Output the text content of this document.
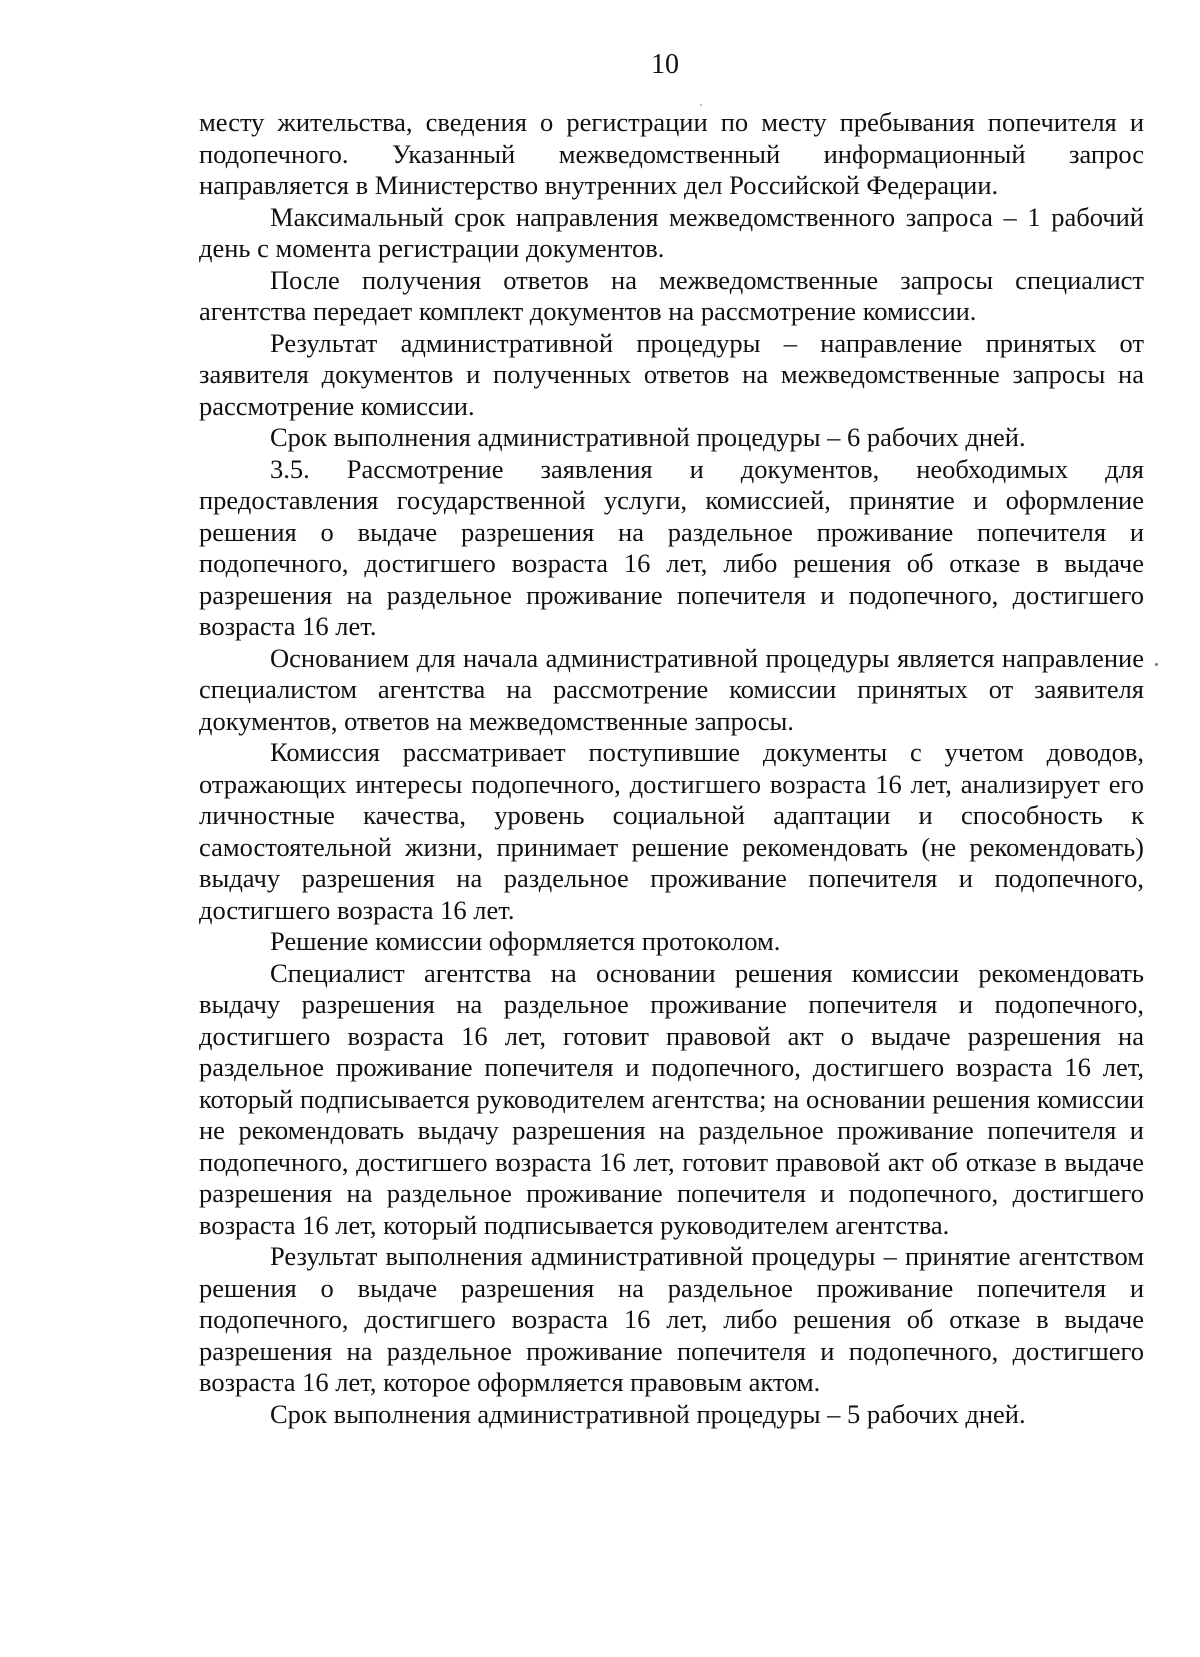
10

месту жительства, сведения о регистрации по месту пребывания попечителя и подопечного. Указанный межведомственный информационный запрос направляется в Министерство внутренних дел Российской Федерации.

Максимальный срок направления межведомственного запроса – 1 рабочий день с момента регистрации документов.

После получения ответов на межведомственные запросы специалист агентства передает комплект документов на рассмотрение комиссии.

Результат административной процедуры – направление принятых от заявителя документов и полученных ответов на межведомственные запросы на рассмотрение комиссии.

Срок выполнения административной процедуры – 6 рабочих дней.

3.5. Рассмотрение заявления и документов, необходимых для предоставления государственной услуги, комиссией, принятие и оформление решения о выдаче разрешения на раздельное проживание попечителя и подопечного, достигшего возраста 16 лет, либо решения об отказе в выдаче разрешения на раздельное проживание попечителя и подопечного, достигшего возраста 16 лет.

Основанием для начала административной процедуры является направление специалистом агентства на рассмотрение комиссии принятых от заявителя документов, ответов на межведомственные запросы.

Комиссия рассматривает поступившие документы с учетом доводов, отражающих интересы подопечного, достигшего возраста 16 лет, анализирует его личностные качества, уровень социальной адаптации и способность к самостоятельной жизни, принимает решение рекомендовать (не рекомендовать) выдачу разрешения на раздельное проживание попечителя и подопечного, достигшего возраста 16 лет.

Решение комиссии оформляется протоколом.

Специалист агентства на основании решения комиссии рекомендовать выдачу разрешения на раздельное проживание попечителя и подопечного, достигшего возраста 16 лет, готовит правовой акт о выдаче разрешения на раздельное проживание попечителя и подопечного, достигшего возраста 16 лет, который подписывается руководителем агентства; на основании решения комиссии не рекомендовать выдачу разрешения на раздельное проживание попечителя и подопечного, достигшего возраста 16 лет, готовит правовой акт об отказе в выдаче разрешения на раздельное проживание попечителя и подопечного, достигшего возраста 16 лет, который подписывается руководителем агентства.

Результат выполнения административной процедуры – принятие агентством решения о выдаче разрешения на раздельное проживание попечителя и подопечного, достигшего возраста 16 лет, либо решения об отказе в выдаче разрешения на раздельное проживание попечителя и подопечного, достигшего возраста 16 лет, которое оформляется правовым актом.

Срок выполнения административной процедуры – 5 рабочих дней.
